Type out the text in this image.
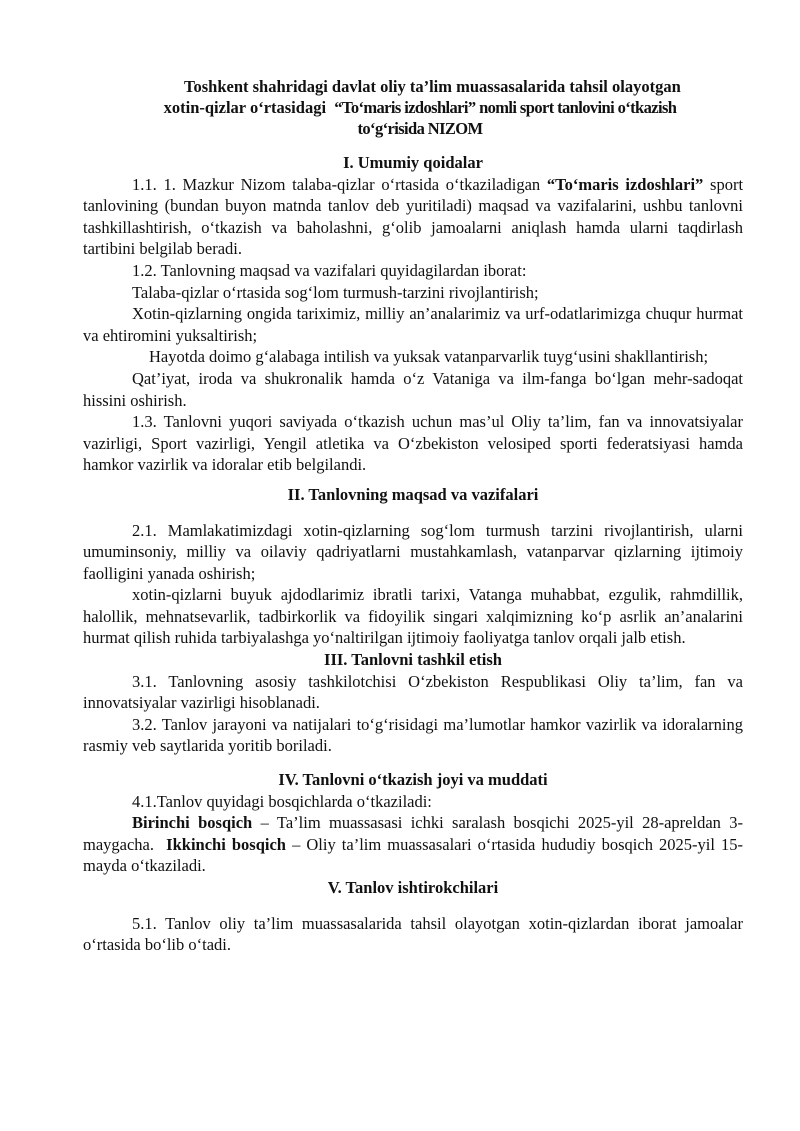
Toshkent shahridagi davlat oliy ta’lim muassasalarida tahsil olayotgan
xotin-qizlar oʻrtasidagi “Toʻmaris izdoshlari” nomli sport tanlovini oʻtkazish
toʻgʻrisida NIZOM

I. Umumiy qoidalar

1.1. 1. Mazkur Nizom talaba-qizlar oʻrtasida oʻtkaziladigan “Toʻmaris izdoshlari” sport tanlovining (bundan buyon matnda tanlov deb yuritiladi) maqsad va vazifalarini, ushbu tanlovni tashkillashtirish, oʻtkazish va baholashni, gʻolib jamoalarni aniqlash hamda ularni taqdirlash tartibini belgilab beradi.

1.2. Tanlovning maqsad va vazifalari quyidagilardan iborat:

Talaba-qizlar oʻrtasida sogʻlom turmush-tarzini rivojlantirish;

Xotin-qizlarning ongida tariximiz, milliy an’analarimiz va urf-odatlarimizga chuqur hurmat va ehtiromini yuksaltirish;

Hayotda doimo gʻalabaga intilish va yuksak vatanparvarlik tuygʻusini shakllantirish;

Qat’iyat, iroda va shukronalik hamda oʻz Vataniga va ilm-fanga boʻlgan mehr-sadoqat hissini oshirish.

1.3. Tanlovni yuqori saviyada oʻtkazish uchun mas’ul Oliy ta’lim, fan va innovatsiyalar vazirligi, Sport vazirligi, Yengil atletika va Oʻzbekiston velosiped sporti federatsiyasi hamda hamkor vazirlik va idoralar etib belgilandi.

II. Tanlovning maqsad va vazifalari

2.1. Mamlakatimizdagi xotin-qizlarning sogʻlom turmush tarzini rivojlantirish, ularni umuminsoniy, milliy va oilaviy qadriyatlarni mustahkamlash, vatanparvar qizlarning ijtimoiy faolligini yanada oshirish;

xotin-qizlarni buyuk ajdodlarimiz ibratli tarixi, Vatanga muhabbat, ezgulik, rahmdillik, halollik, mehnatsevarlik, tadbirkorlik va fidoyilik singari xalqimizning koʻp asrlik an’analarini hurmat qilish ruhida tarbiyalashga yoʻnaltirilgan ijtimoiy faoliyatga tanlov orqali jalb etish.

III. Tanlovni tashkil etish

3.1. Tanlovning asosiy tashkilotchisi Oʻzbekiston Respublikasi Oliy ta’lim, fan va innovatsiyalar vazirligi hisoblanadi.

3.2. Tanlov jarayoni va natijalari toʻgʻrisidagi ma’lumotlar hamkor vazirlik va idoralarning rasmiy veb saytlarida yoritib boriladi.

IV. Tanlovni oʻtkazish joyi va muddati

4.1.Tanlov quyidagi bosqichlarda oʻtkaziladi:

Birinchi bosqich – Ta’lim muassasasi ichki saralash bosqichi 2025-yil 28-apreldan 3-maygacha. Ikkinchi bosqich – Oliy ta’lim muassasalari oʻrtasida hududiy bosqich 2025-yil 15-mayda oʻtkaziladi.

V. Tanlov ishtirokchilari

5.1. Tanlov oliy ta’lim muassasalarida tahsil olayotgan xotin-qizlardan iborat jamoalar oʻrtasida boʻlib oʻtadi.
